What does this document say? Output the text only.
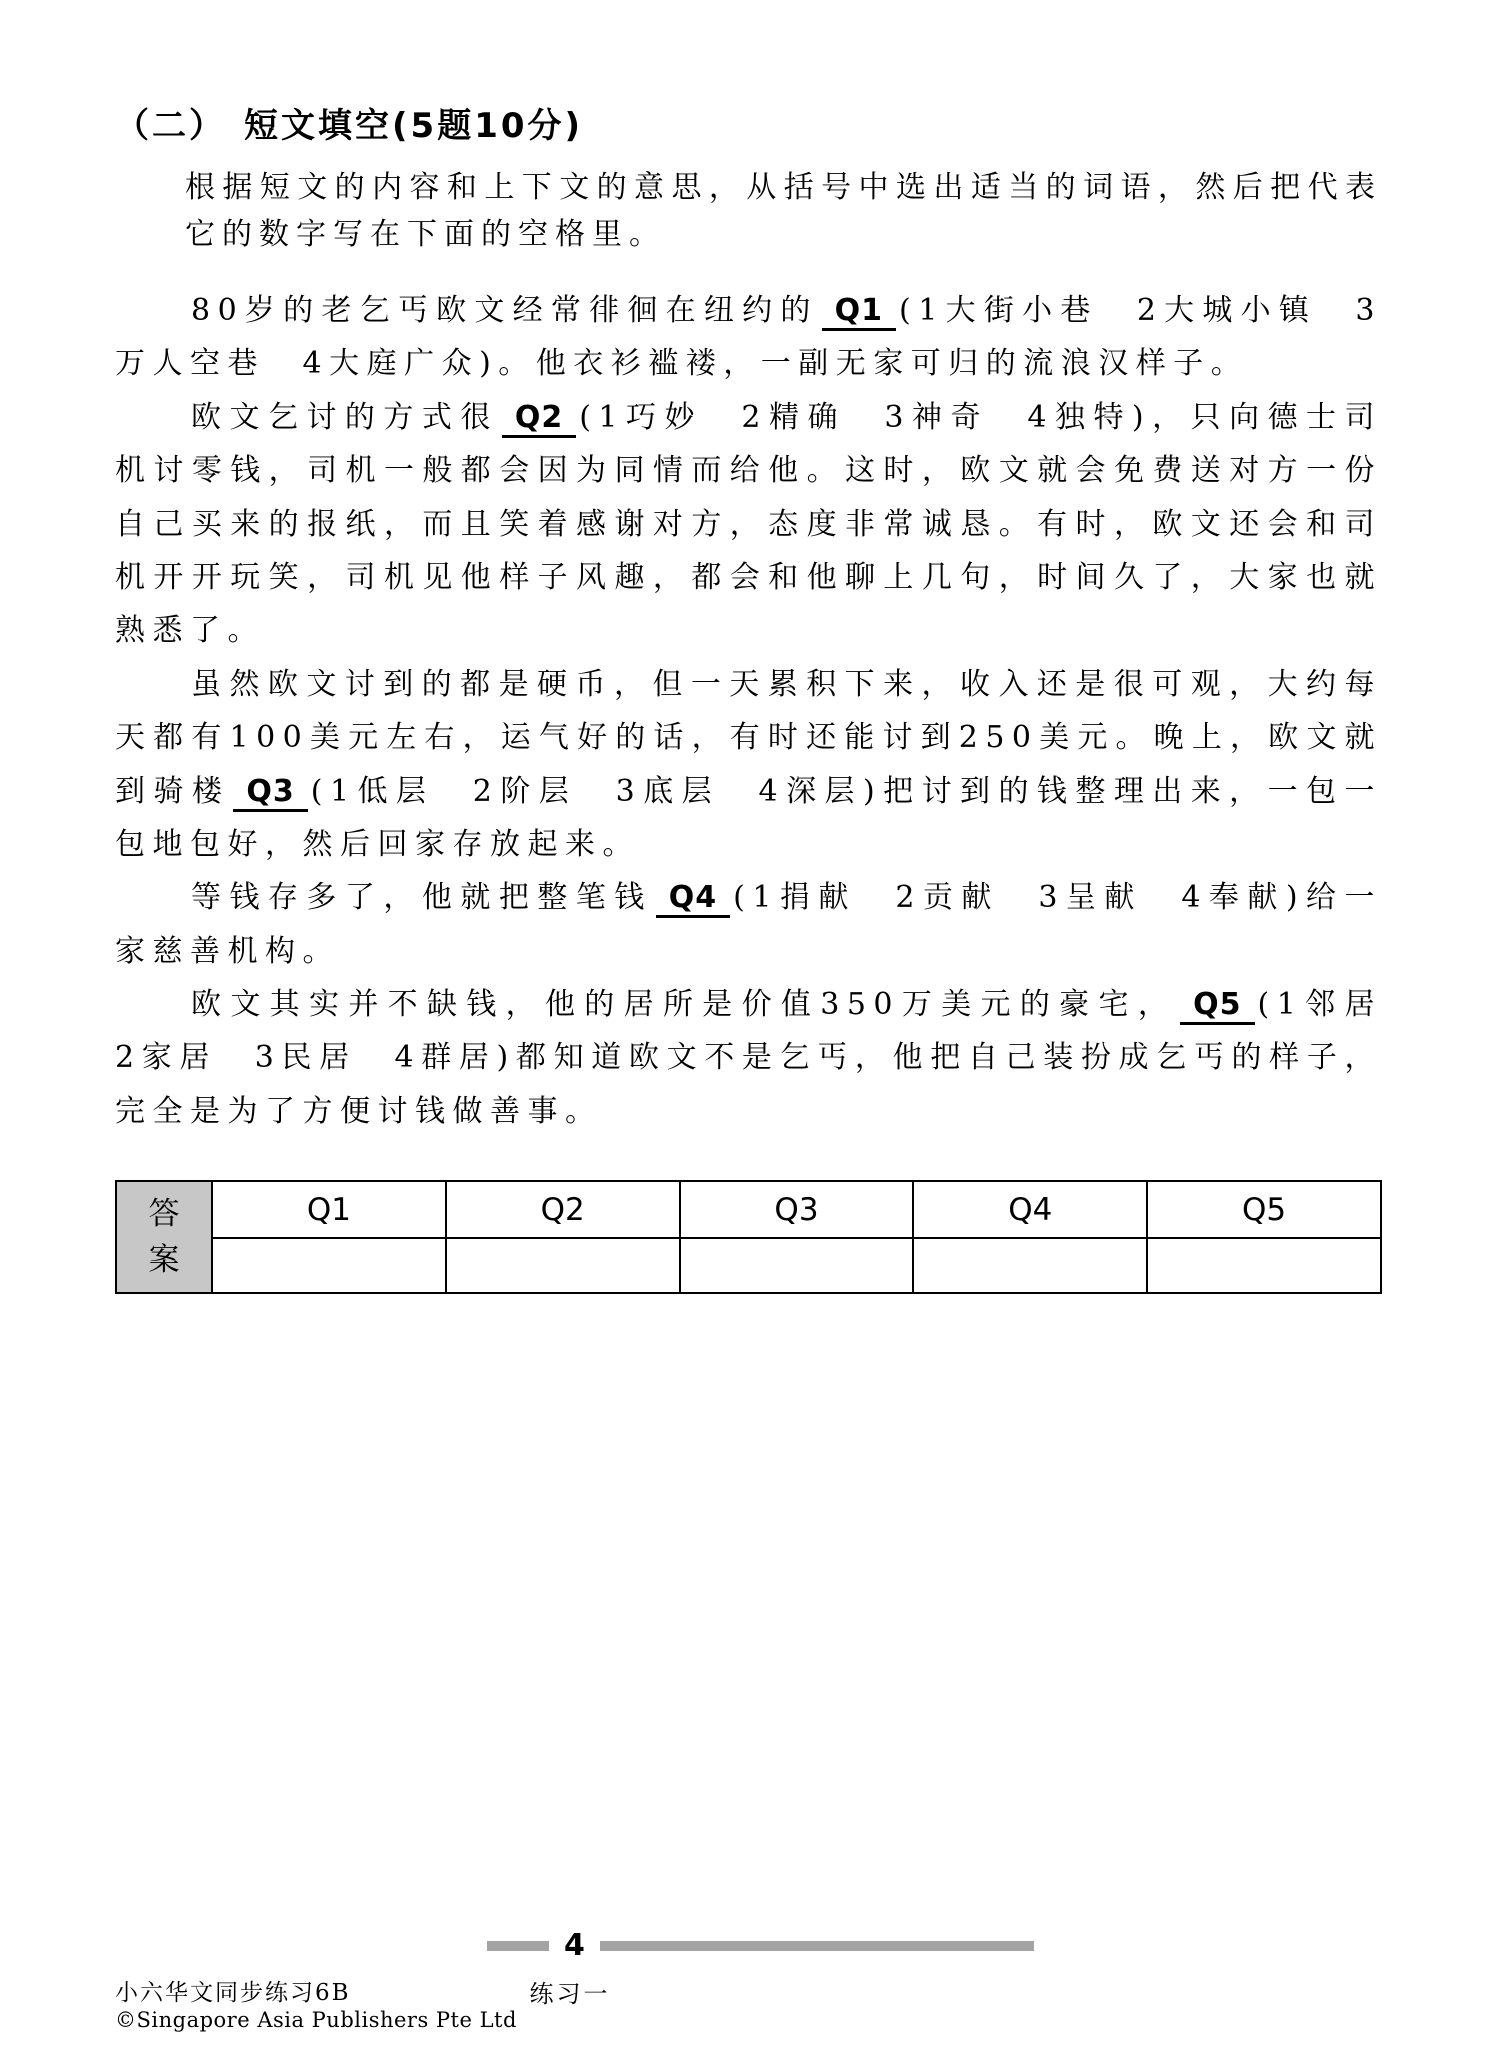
（二） 短文填空(5题10分)

根据短文的内容和上下文的意思，从括号中选出适当的词语，然后把代表它的数字写在下面的空格里。

80岁的老乞丐欧文经常徘徊在纽约的 Q1 (1大街小巷　2大城小镇　3万人空巷　4大庭广众)。他衣衫褴褛，一副无家可归的流浪汉样子。

欧文乞讨的方式很 Q2 (1巧妙　2精确　3神奇　4独特)，只向德士司机讨零钱，司机一般都会因为同情而给他。这时，欧文就会免费送对方一份自己买来的报纸，而且笑着感谢对方，态度非常诚恳。有时，欧文还会和司机开开玩笑，司机见他样子风趣，都会和他聊上几句，时间久了，大家也就熟悉了。

虽然欧文讨到的都是硬币，但一天累积下来，收入还是很可观，大约每天都有100美元左右，运气好的话，有时还能讨到250美元。晚上，欧文就到骑楼 Q3 (1低层　2阶层　3底层　4深层)把讨到的钱整理出来，一包一包地包好，然后回家存放起来。

等钱存多了，他就把整笔钱 Q4 (1捐献　2贡献　3呈献　4奉献)给一家慈善机构。

欧文其实并不缺钱，他的居所是价值350万美元的豪宅， Q5 (1邻居　2家居　3民居　4群居)都知道欧文不是乞丐，他把自己装扮成乞丐的样子，完全是为了方便讨钱做善事。

答案	Q1	Q2	Q3	Q4	Q5

4
小六华文同步练习6B	练习一
©Singapore Asia Publishers Pte Ltd
